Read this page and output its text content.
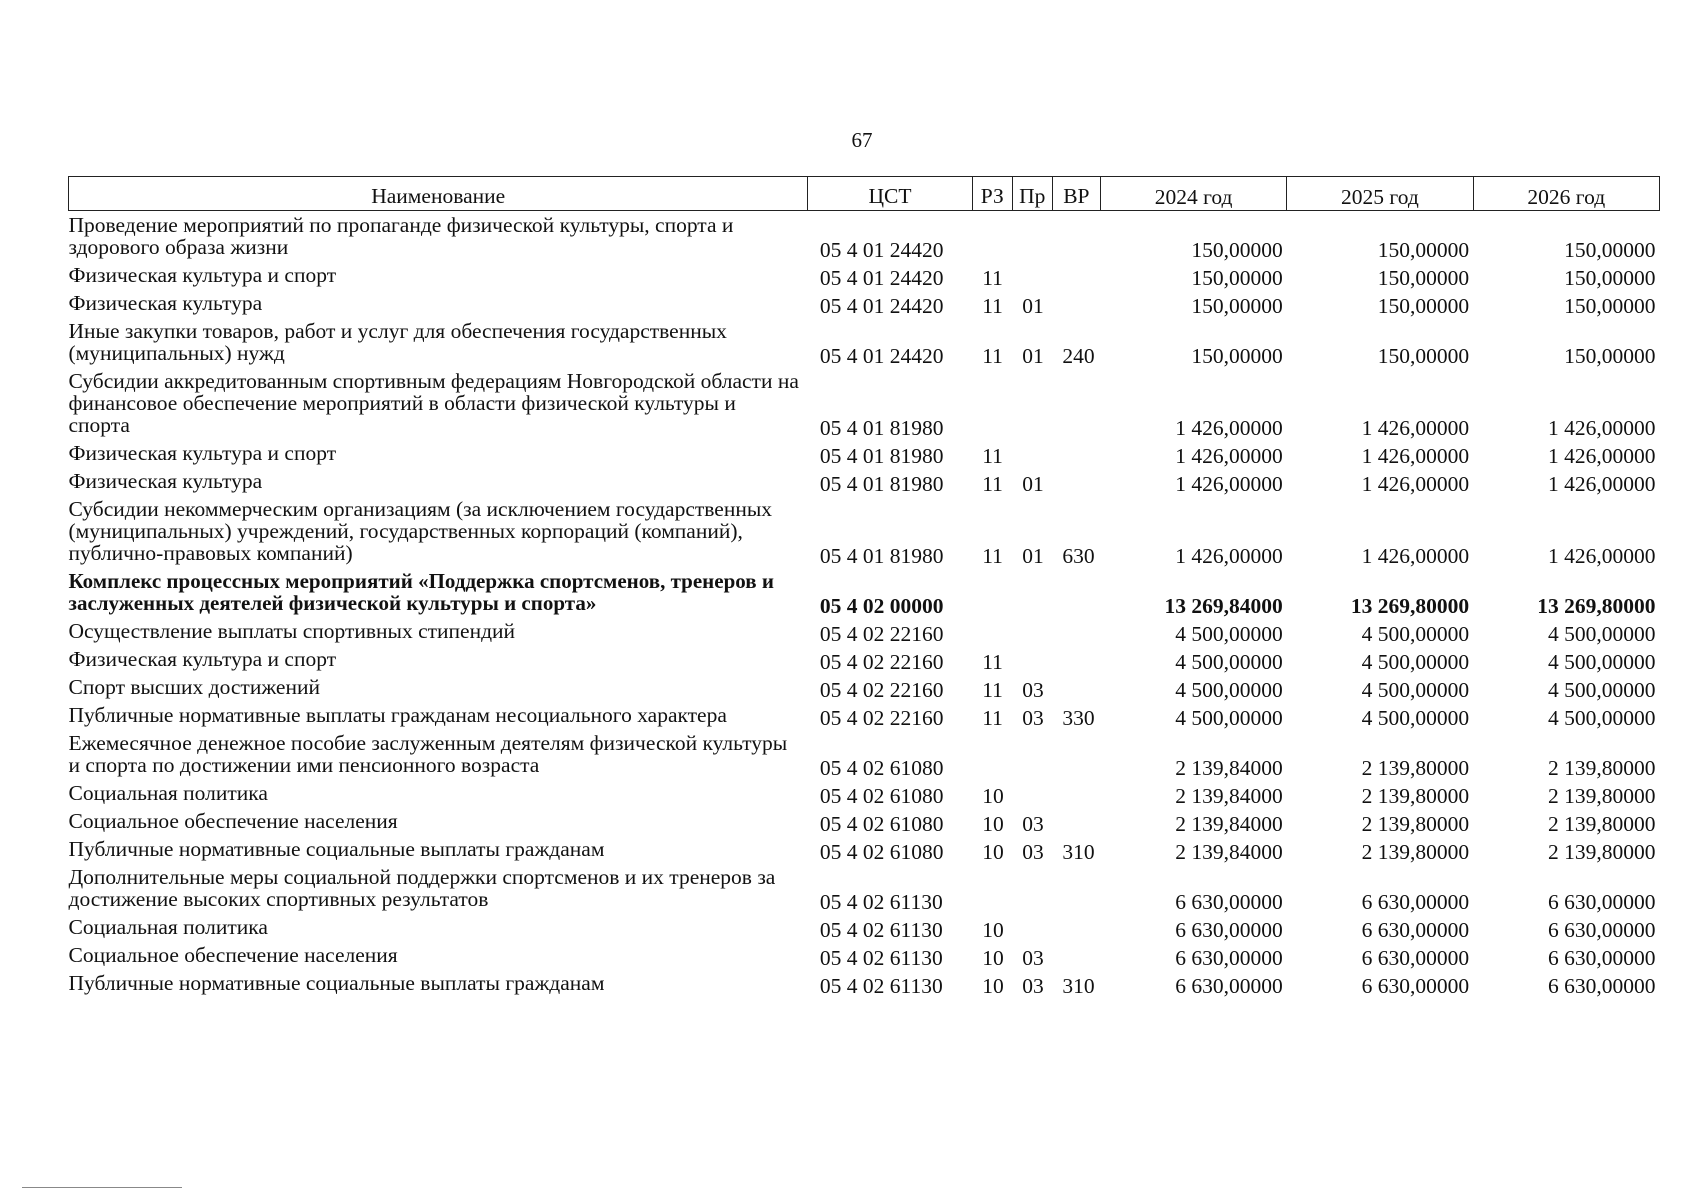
67
Наименование	ЦСТ	РЗ	Пр	ВР	2024 год	2025 год	2026 год
Проведение мероприятий по пропаганде физической культуры, спорта и здорового образа жизни	05 4 01 24420				150,00000	150,00000	150,00000
Физическая культура и спорт	05 4 01 24420	11			150,00000	150,00000	150,00000
Физическая культура	05 4 01 24420	11	01		150,00000	150,00000	150,00000
Иные закупки товаров, работ и услуг для обеспечения государственных (муниципальных) нужд	05 4 01 24420	11	01	240	150,00000	150,00000	150,00000
Субсидии аккредитованным спортивным федерациям Новгородской области на финансовое обеспечение мероприятий в области физической культуры и спорта	05 4 01 81980				1 426,00000	1 426,00000	1 426,00000
Физическая культура и спорт	05 4 01 81980	11			1 426,00000	1 426,00000	1 426,00000
Физическая культура	05 4 01 81980	11	01		1 426,00000	1 426,00000	1 426,00000
Субсидии некоммерческим организациям (за исключением государственных (муниципальных) учреждений, государственных корпораций (компаний), публично-правовых компаний)	05 4 01 81980	11	01	630	1 426,00000	1 426,00000	1 426,00000
Комплекс процессных мероприятий «Поддержка спортсменов, тренеров и заслуженных деятелей физической культуры и спорта»	05 4 02 00000				13 269,84000	13 269,80000	13 269,80000
Осуществление выплаты спортивных стипендий	05 4 02 22160				4 500,00000	4 500,00000	4 500,00000
Физическая культура и спорт	05 4 02 22160	11			4 500,00000	4 500,00000	4 500,00000
Спорт высших достижений	05 4 02 22160	11	03		4 500,00000	4 500,00000	4 500,00000
Публичные нормативные выплаты гражданам несоциального характера	05 4 02 22160	11	03	330	4 500,00000	4 500,00000	4 500,00000
Ежемесячное денежное пособие заслуженным деятелям физической культуры и спорта по достижении ими пенсионного возраста	05 4 02 61080				2 139,84000	2 139,80000	2 139,80000
Социальная политика	05 4 02 61080	10			2 139,84000	2 139,80000	2 139,80000
Социальное обеспечение населения	05 4 02 61080	10	03		2 139,84000	2 139,80000	2 139,80000
Публичные нормативные социальные выплаты гражданам	05 4 02 61080	10	03	310	2 139,84000	2 139,80000	2 139,80000
Дополнительные меры социальной поддержки спортсменов и их тренеров за достижение высоких спортивных результатов	05 4 02 61130				6 630,00000	6 630,00000	6 630,00000
Социальная политика	05 4 02 61130	10			6 630,00000	6 630,00000	6 630,00000
Социальное обеспечение населения	05 4 02 61130	10	03		6 630,00000	6 630,00000	6 630,00000
Публичные нормативные социальные выплаты гражданам	05 4 02 61130	10	03	310	6 630,00000	6 630,00000	6 630,00000
